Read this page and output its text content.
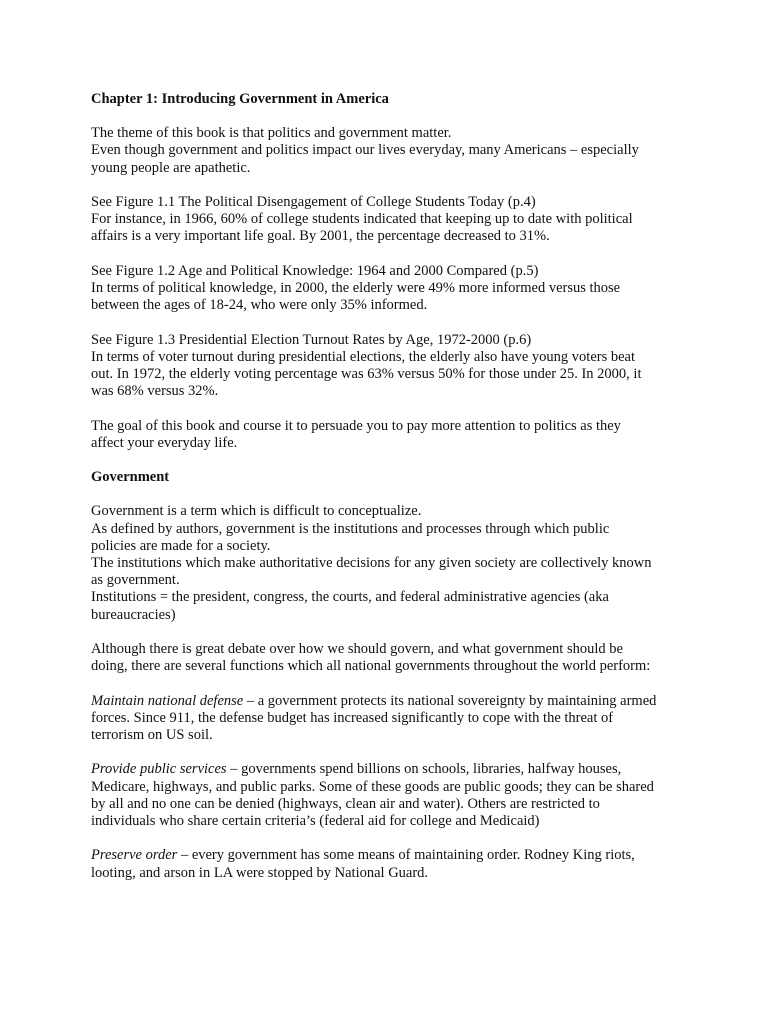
Chapter 1: Introducing Government in America
The theme of this book is that politics and government matter.
Even though government and politics impact our lives everyday, many Americans – especially
young people are apathetic.
See Figure 1.1 The Political Disengagement of College Students Today (p.4)
For instance, in 1966, 60% of college students indicated that keeping up to date with political
affairs is a very important life goal. By 2001, the percentage decreased to 31%.
See Figure 1.2 Age and Political Knowledge: 1964 and 2000 Compared (p.5)
In terms of political knowledge, in 2000, the elderly were 49% more informed versus those
between the ages of 18-24, who were only 35% informed.
See Figure 1.3 Presidential Election Turnout Rates by Age, 1972-2000 (p.6)
In terms of voter turnout during presidential elections, the elderly also have young voters beat
out. In 1972, the elderly voting percentage was 63% versus 50% for those under 25. In 2000, it
was 68% versus 32%.
The goal of this book and course it to persuade you to pay more attention to politics as they
affect your everyday life.
Government
Government is a term which is difficult to conceptualize.
As defined by authors, government is the institutions and processes through which public
policies are made for a society.
The institutions which make authoritative decisions for any given society are collectively known
as government.
Institutions = the president, congress, the courts, and federal administrative agencies (aka
bureaucracies)
Although there is great debate over how we should govern, and what government should be
doing, there are several functions which all national governments throughout the world perform:
Maintain national defense – a government protects its national sovereignty by maintaining armed
forces. Since 911, the defense budget has increased significantly to cope with the threat of
terrorism on US soil.
Provide public services – governments spend billions on schools, libraries, halfway houses,
Medicare, highways, and public parks. Some of these goods are public goods; they can be shared
by all and no one can be denied (highways, clean air and water). Others are restricted to
individuals who share certain criteria’s (federal aid for college and Medicaid)
Preserve order – every government has some means of maintaining order. Rodney King riots,
looting, and arson in LA were stopped by National Guard.
